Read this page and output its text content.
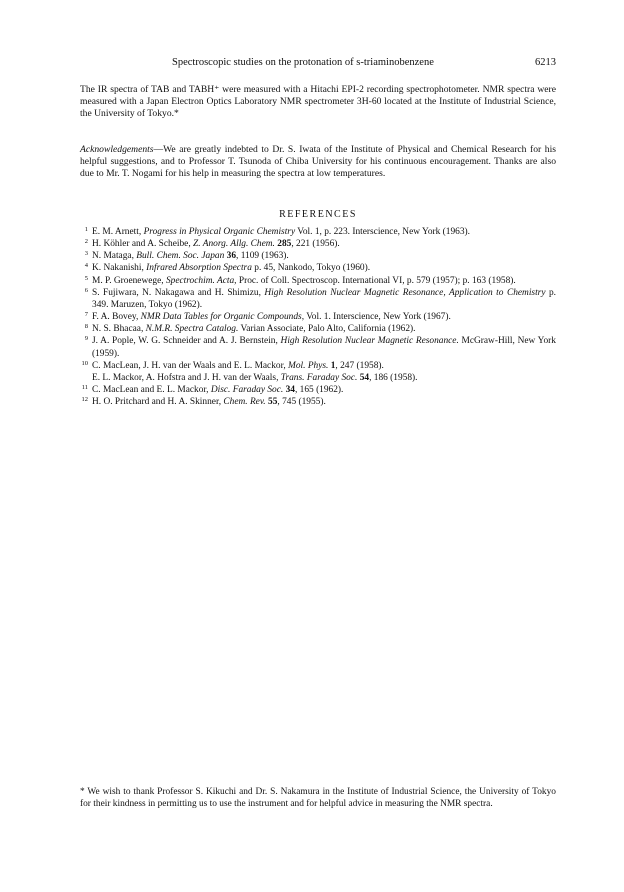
Spectroscopic studies on the protonation of s-triaminobenzene	6213

The IR spectra of TAB and TABH⁺ were measured with a Hitachi EPI-2 recording spectrophotometer. NMR spectra were measured with a Japan Electron Optics Laboratory NMR spectrometer 3H-60 located at the Institute of Industrial Science, the University of Tokyo.*

Acknowledgements—We are greatly indebted to Dr. S. Iwata of the Institute of Physical and Chemical Research for his helpful suggestions, and to Professor T. Tsunoda of Chiba University for his continuous encouragement. Thanks are also due to Mr. T. Nogami for his help in measuring the spectra at low temperatures.

REFERENCES
1 E. M. Arnett, Progress in Physical Organic Chemistry Vol. 1, p. 223. Interscience, New York (1963).
2 H. Köhler and A. Scheibe, Z. Anorg. Allg. Chem. 285, 221 (1956).
3 N. Mataga, Bull. Chem. Soc. Japan 36, 1109 (1963).
4 K. Nakanishi, Infrared Absorption Spectra p. 45, Nankodo, Tokyo (1960).
5 M. P. Groenewege, Spectrochim. Acta, Proc. of Coll. Spectroscop. International VI, p. 579 (1957); p. 163 (1958).
6 S. Fujiwara, N. Nakagawa and H. Shimizu, High Resolution Nuclear Magnetic Resonance, Application to Chemistry p. 349. Maruzen, Tokyo (1962).
7 F. A. Bovey, NMR Data Tables for Organic Compounds, Vol. 1. Interscience, New York (1967).
8 N. S. Bhacaa, N.M.R. Spectra Catalog. Varian Associate, Palo Alto, California (1962).
9 J. A. Pople, W. G. Schneider and A. J. Bernstein, High Resolution Nuclear Magnetic Resonance. McGraw-Hill, New York (1959).
10 C. MacLean, J. H. van der Waals and E. L. Mackor, Mol. Phys. 1, 247 (1958).
E. L. Mackor, A. Hofstra and J. H. van der Waals, Trans. Faraday Soc. 54, 186 (1958).
11 C. MacLean and E. L. Mackor, Disc. Faraday Soc. 34, 165 (1962).
12 H. O. Pritchard and H. A. Skinner, Chem. Rev. 55, 745 (1955).

* We wish to thank Professor S. Kikuchi and Dr. S. Nakamura in the Institute of Industrial Science, the University of Tokyo for their kindness in permitting us to use the instrument and for helpful advice in measuring the NMR spectra.
